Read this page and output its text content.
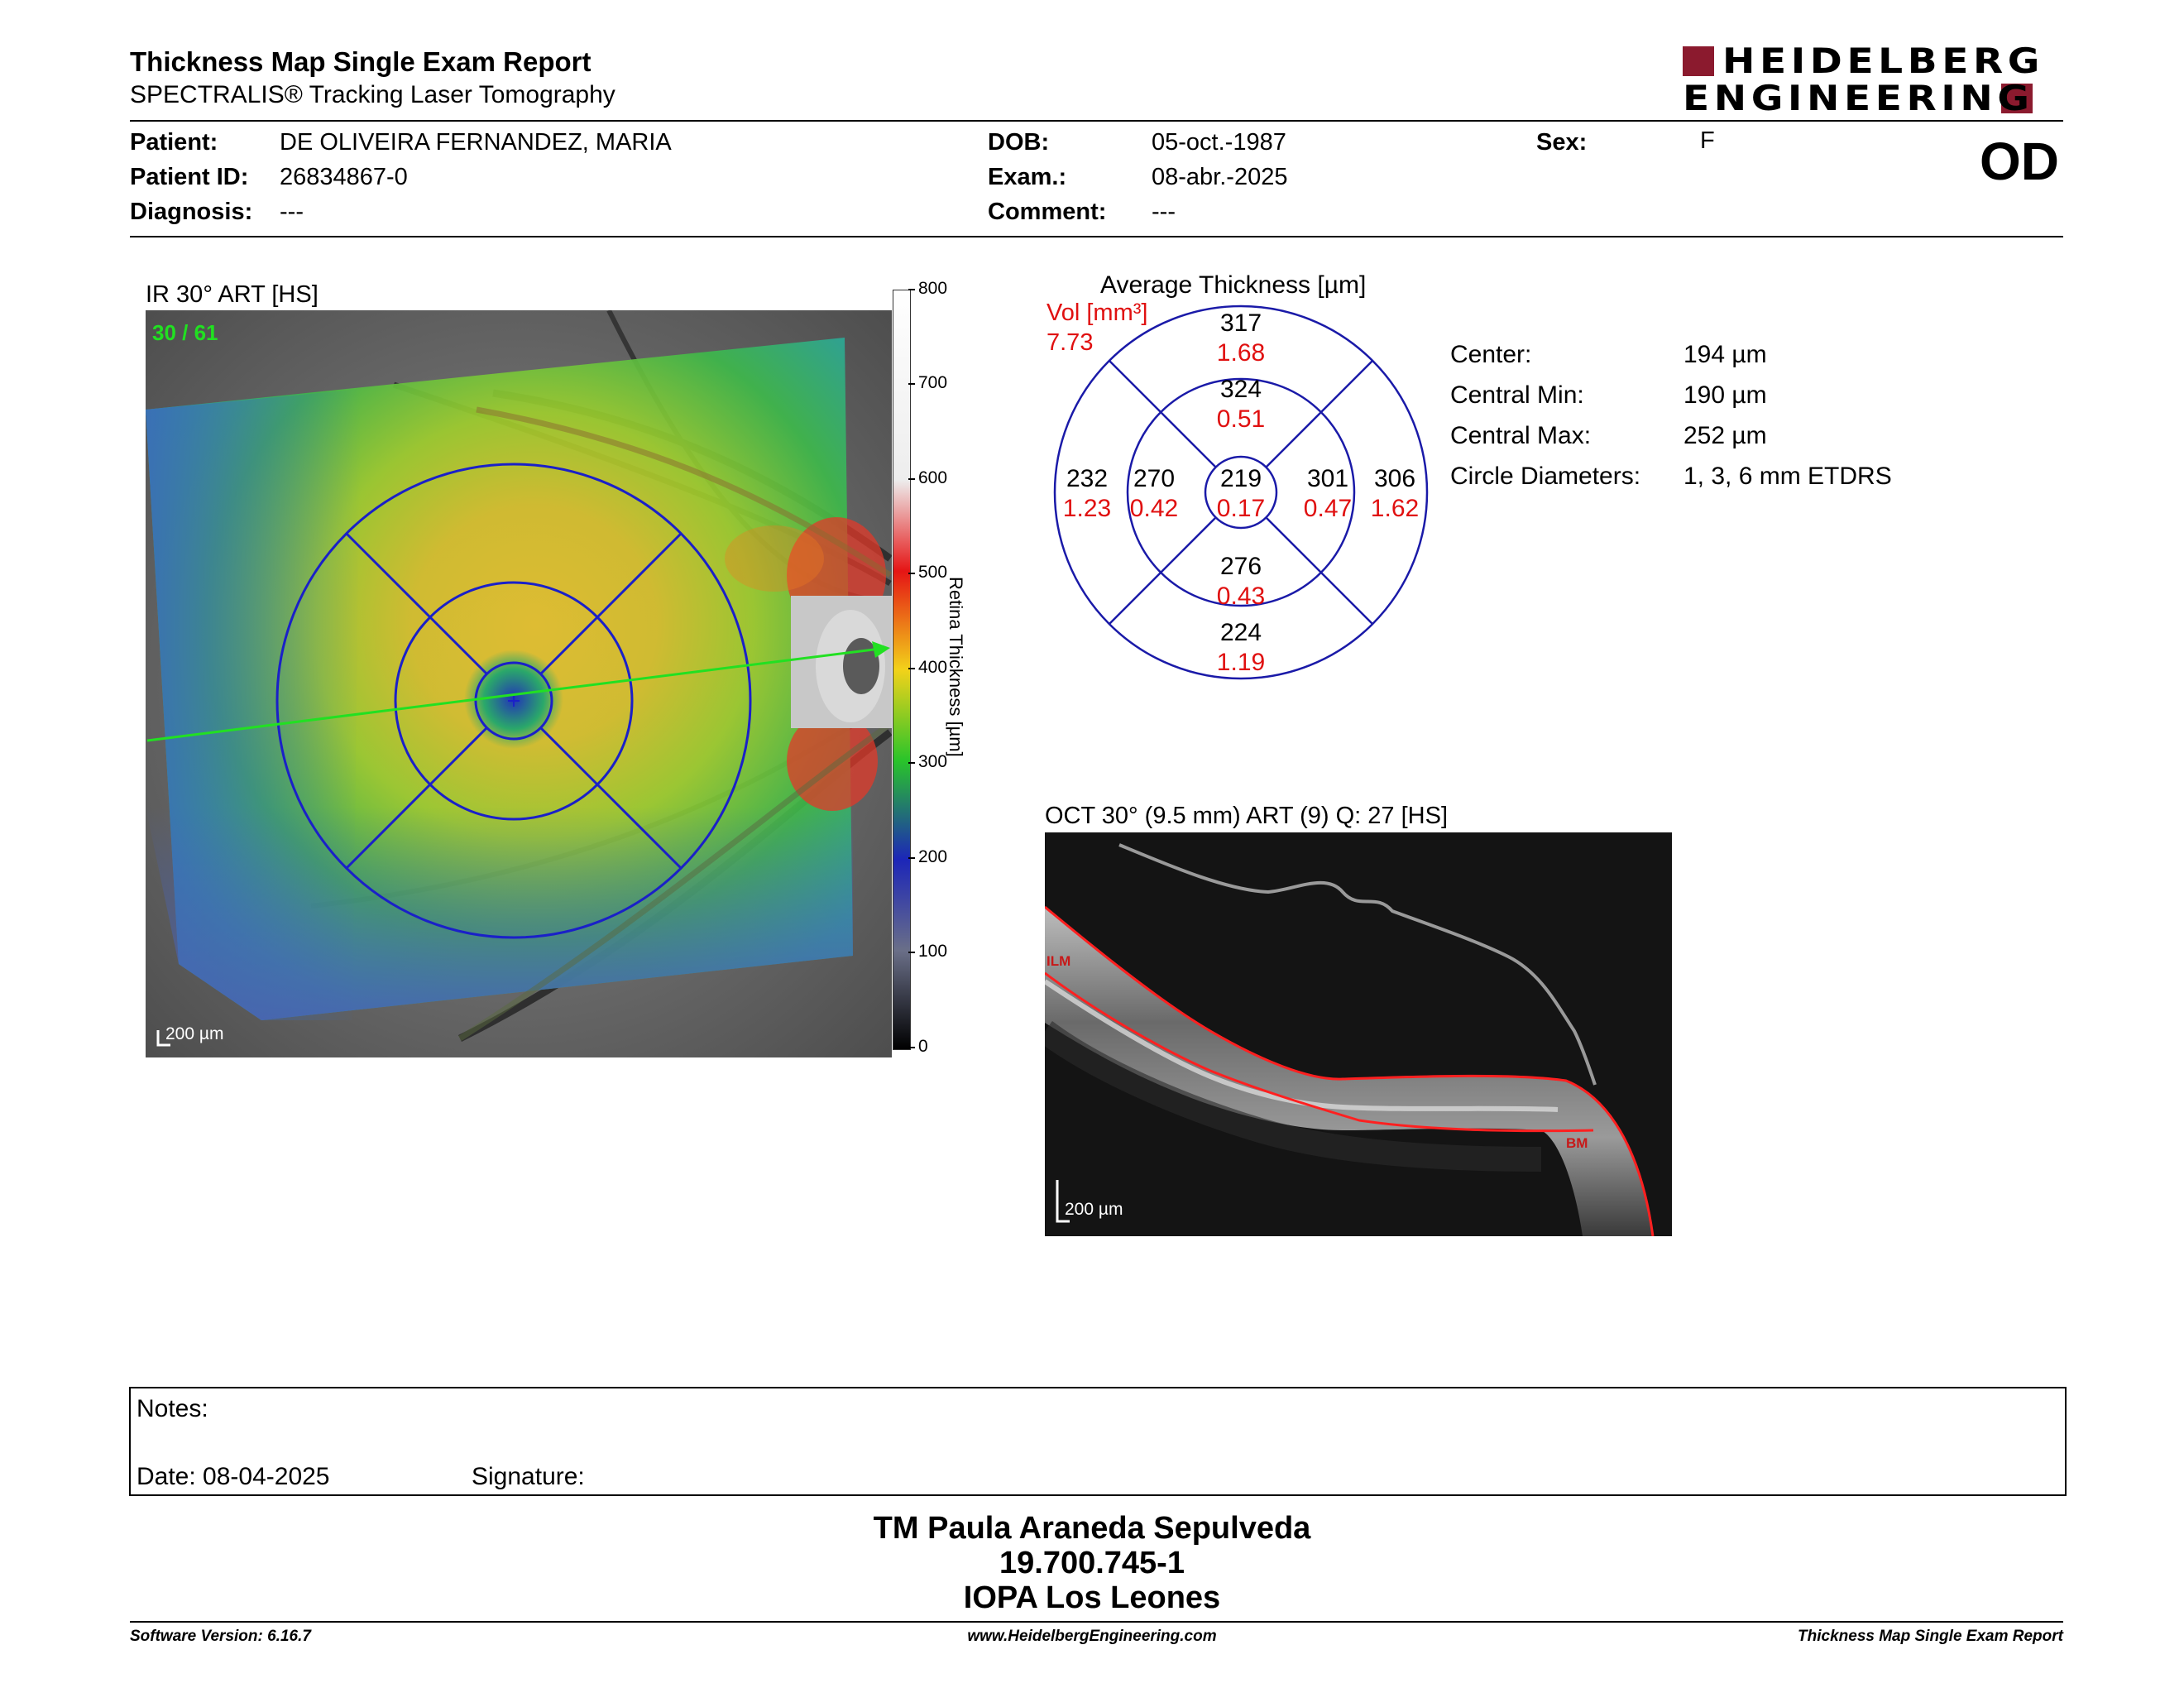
Thickness Map Single Exam Report
SPECTRALIS® Tracking Laser Tomography
HEIDELBERG
ENGINEERING
Patient:	DE OLIVEIRA FERNANDEZ, MARIA
Patient ID: 26834867-0
Diagnosis: ---
DOB:	05-oct.-1987
Exam.:	08-abr.-2025
Comment: ---
Sex:	F	OD
IR 30° ART [HS]
30 / 61
200 µm
800
700
600
500
400
300
200
100
0
Retina Thickness [µm]
Average Thickness [µm]
Vol [mm³]
7.73
317
1.68
324
0.51
232
1.23
270
0.42
219
0.17
301
0.47
306
1.62
276
0.43
224
1.19
Center:	194 µm
Central Min:	190 µm
Central Max:	252 µm
Circle Diameters: 1, 3, 6 mm ETDRS
OCT 30° (9.5 mm) ART (9) Q: 27 [HS]
ILM
BM
200 µm
Notes:
Date: 08-04-2025	Signature:
TM Paula Araneda Sepulveda
19.700.745-1
IOPA Los Leones
Software Version: 6.16.7	www.HeidelbergEngineering.com	Thickness Map Single Exam Report
